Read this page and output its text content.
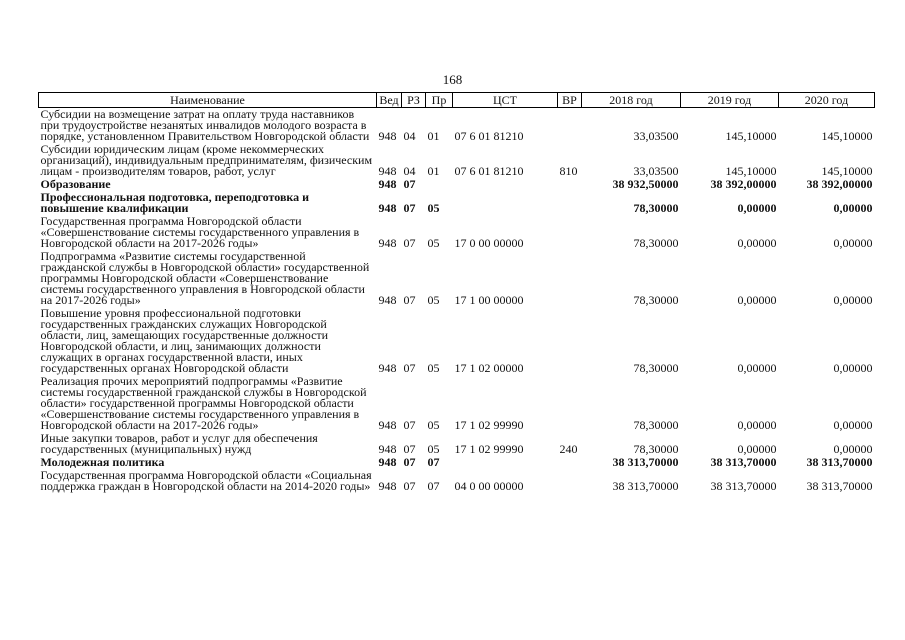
168
Наименование	Вед	РЗ	Пр	ЦСТ	ВР	2018 год	2019 год	2020 год
Субсидии на возмещение затрат на оплату труда наставников при трудоустройстве незанятых инвалидов молодого возраста в порядке, установленном Правительством Новгородской области	948	04	01	07 6 01 81210		33,03500	145,10000	145,10000
Субсидии юридическим лицам (кроме некоммерческих организаций), индивидуальным предпринимателям, физическим лицам - производителям товаров, работ, услуг	948	04	01	07 6 01 81210	810	33,03500	145,10000	145,10000
Образование	948	07				38 932,50000	38 392,00000	38 392,00000
Профессиональная подготовка, переподготовка и повышение квалификации	948	07	05			78,30000	0,00000	0,00000
Государственная программа Новгородской области «Совершенствование системы государственного управления в Новгородской области на 2017-2026 годы»	948	07	05	17 0 00 00000		78,30000	0,00000	0,00000
Подпрограмма «Развитие системы государственной гражданской службы в Новгородской области» государственной программы Новгородской области «Совершенствование системы государственного управления в Новгородской области на 2017-2026 годы»	948	07	05	17 1 00 00000		78,30000	0,00000	0,00000
Повышение уровня профессиональной подготовки государственных гражданских служащих Новгородской области, лиц, замещающих государственные должности Новгородской области, и лиц, занимающих должности служащих в органах государственной власти, иных государственных органах Новгородской области	948	07	05	17 1 02 00000		78,30000	0,00000	0,00000
Реализация прочих мероприятий подпрограммы «Развитие системы государственной гражданской службы в Новгородской области» государственной программы Новгородской области «Совершенствование системы государственного управления в Новгородской области на 2017-2026 годы»	948	07	05	17 1 02 99990		78,30000	0,00000	0,00000
Иные закупки товаров, работ и услуг для обеспечения государственных (муниципальных) нужд	948	07	05	17 1 02 99990	240	78,30000	0,00000	0,00000
Молодежная политика	948	07	07			38 313,70000	38 313,70000	38 313,70000
Государственная программа Новгородской области «Социальная поддержка граждан в Новгородской области на 2014-2020 годы»	948	07	07	04 0 00 00000		38 313,70000	38 313,70000	38 313,70000
